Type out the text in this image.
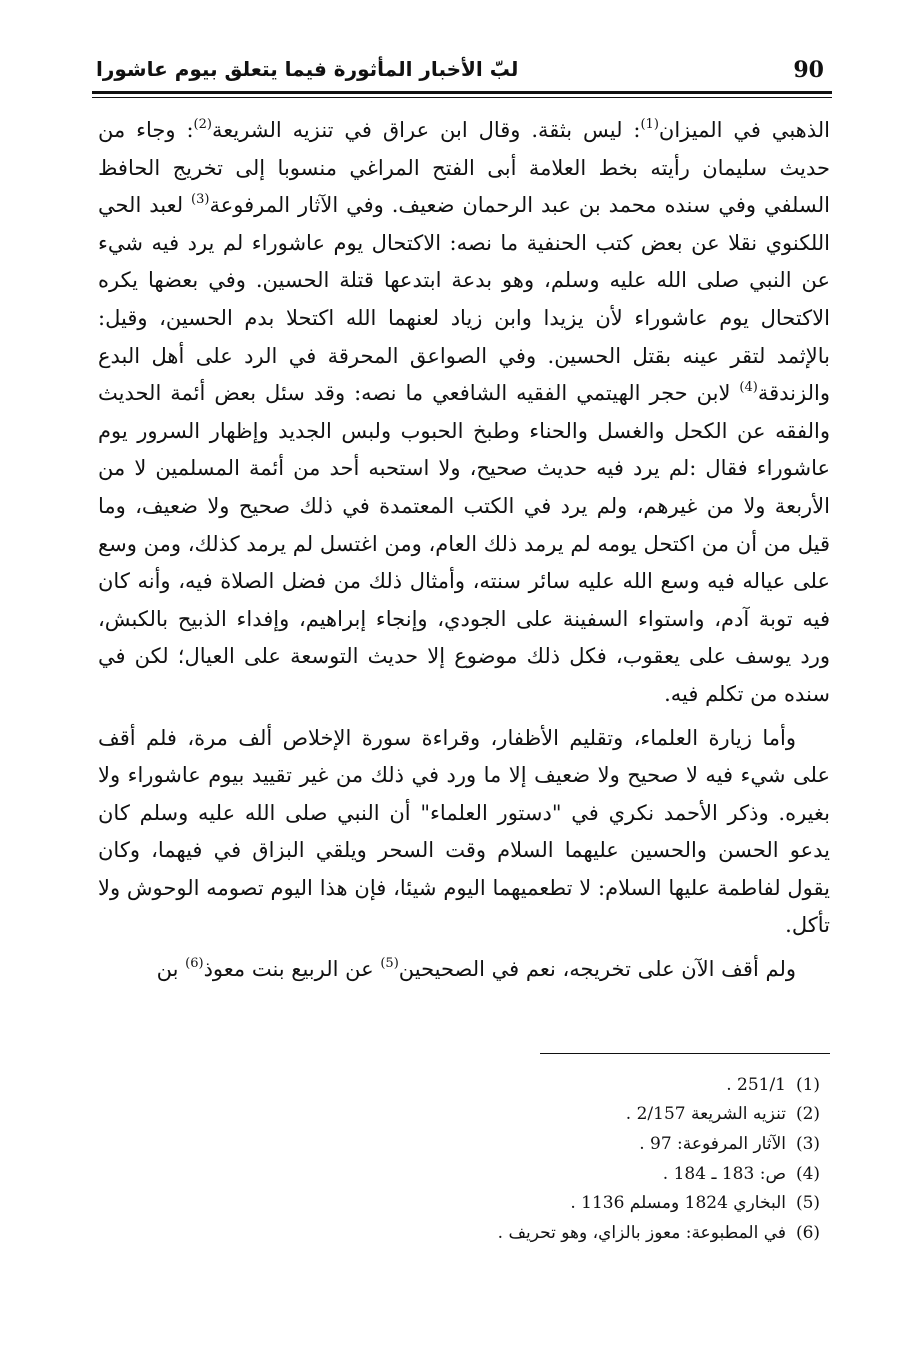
90
لبّ الأخبار المأثورة فيما يتعلق بيوم عاشورا

الذهبي في الميزان$^{(1)}$: ليس بثقة. وقال ابن عراق في تنزيه الشريعة$^{(2)}$: وجاء من حديث سليمان رأيته بخط العلامة أبى الفتح المراغي منسوبا إلى تخريج الحافظ السلفي وفي سنده محمد بن عبد الرحمان ضعيف. وفي الآثار المرفوعة$^{(3)}$ لعبد الحي اللكنوي نقلا عن بعض كتب الحنفية ما نصه: الاكتحال يوم عاشوراء لم يرد فيه شيء عن النبي صلى الله عليه وسلم، وهو بدعة ابتدعها قتلة الحسين. وفي بعضها يكره الاكتحال يوم عاشوراء لأن يزيدا وابن زياد لعنهما الله اكتحلا بدم الحسين، وقيل: بالإثمد لتقر عينه بقتل الحسين. وفي الصواعق المحرقة في الرد على أهل البدع والزندقة$^{(4)}$ لابن حجر الهيتمي الفقيه الشافعي ما نصه: وقد سئل بعض أئمة الحديث والفقه عن الكحل والغسل والحناء وطبخ الحبوب ولبس الجديد وإظهار السرور يوم عاشوراء فقال :لم يرد فيه حديث صحيح، ولا استحبه أحد من أئمة المسلمين لا من الأربعة ولا من غيرهم، ولم يرد في الكتب المعتمدة في ذلك صحيح ولا ضعيف، وما قيل من أن من اكتحل يومه لم يرمد ذلك العام، ومن اغتسل لم يرمد كذلك، ومن وسع على عياله فيه وسع الله عليه سائر سنته، وأمثال ذلك من فضل الصلاة فيه، وأنه كان فيه توبة آدم، واستواء السفينة على الجودي، وإنجاء إبراهيم، وإفداء الذبيح بالكبش، ورد يوسف على يعقوب، فكل ذلك موضوع إلا حديث التوسعة على العيال؛ لكن في سنده من تكلم فيه.

وأما زيارة العلماء، وتقليم الأظفار، وقراءة سورة الإخلاص ألف مرة، فلم أقف على شيء فيه لا صحيح ولا ضعيف إلا ما ورد في ذلك من غير تقييد بيوم عاشوراء ولا بغيره. وذكر الأحمد نكري في "دستور العلماء" أن النبي صلى الله عليه وسلم كان يدعو الحسن والحسين عليهما السلام وقت السحر ويلقي البزاق في فيهما، وكان يقول لفاطمة عليها السلام: لا تطعميهما اليوم شيئا، فإن هذا اليوم تصومه الوحوش ولا تأكل.

ولم أقف الآن على تخريجه، نعم في الصحيحين$^{(5)}$ عن الربيع بنت معوذ$^{(6)}$ بن

(1)
251/1 .
(2)
تنزيه الشريعة 2/157 .
(3)
الآثار المرفوعة: 97 .
(4)
ص: 183 ـ 184 .
(5)
البخاري 1824 ومسلم 1136 .
(6)
في المطبوعة: معوز بالزاي، وهو تحريف .
